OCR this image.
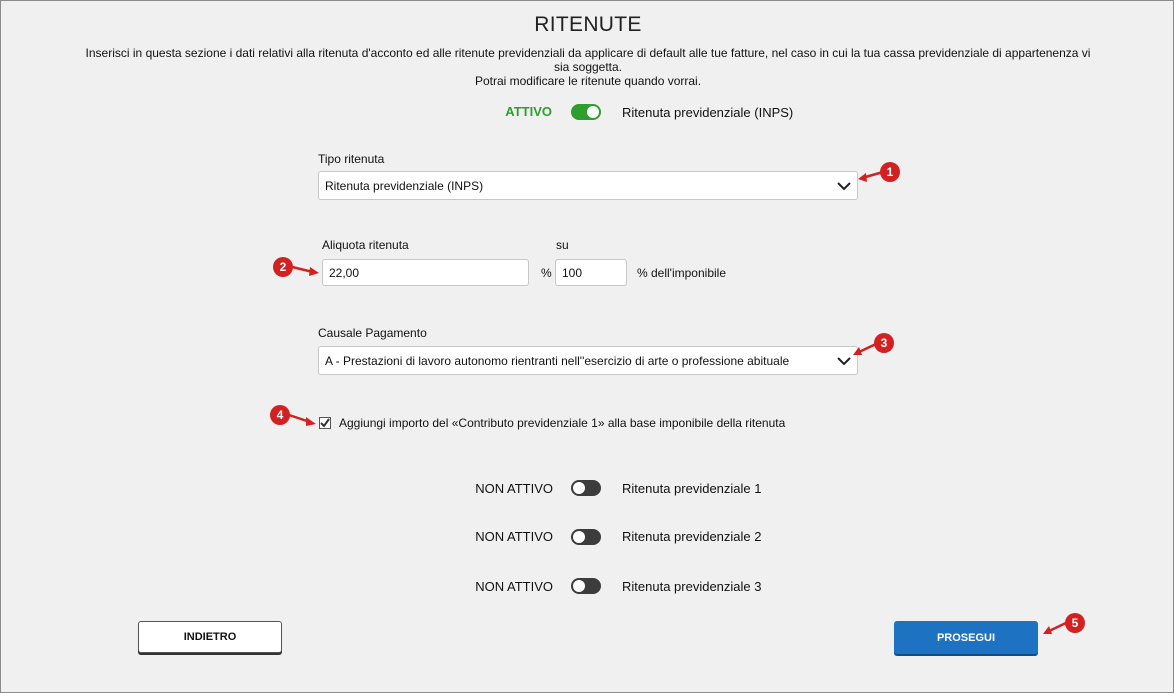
RITENUTE
Inserisci in questa sezione i dati relativi alla ritenuta d'acconto ed alle ritenute previdenziali da applicare di default alle tue fatture, nel caso in cui la tua cassa previdenziale di appartenenza vi
sia soggetta.
Potrai modificare le ritenute quando vorrai.
ATTIVO	Ritenuta previdenziale (INPS)
Tipo ritenuta
Ritenuta previdenziale (INPS)
1
Aliquota ritenuta	su
22,00	% 100	% dell'imponibile
2
Causale Pagamento
A - Prestazioni di lavoro autonomo rientranti nell''esercizio di arte o professione abituale
3
Aggiungi importo del «Contributo previdenziale 1» alla base imponibile della ritenuta
4
NON ATTIVO	Ritenuta previdenziale 1
NON ATTIVO	Ritenuta previdenziale 2
NON ATTIVO	Ritenuta previdenziale 3
INDIETRO	PROSEGUI
5
